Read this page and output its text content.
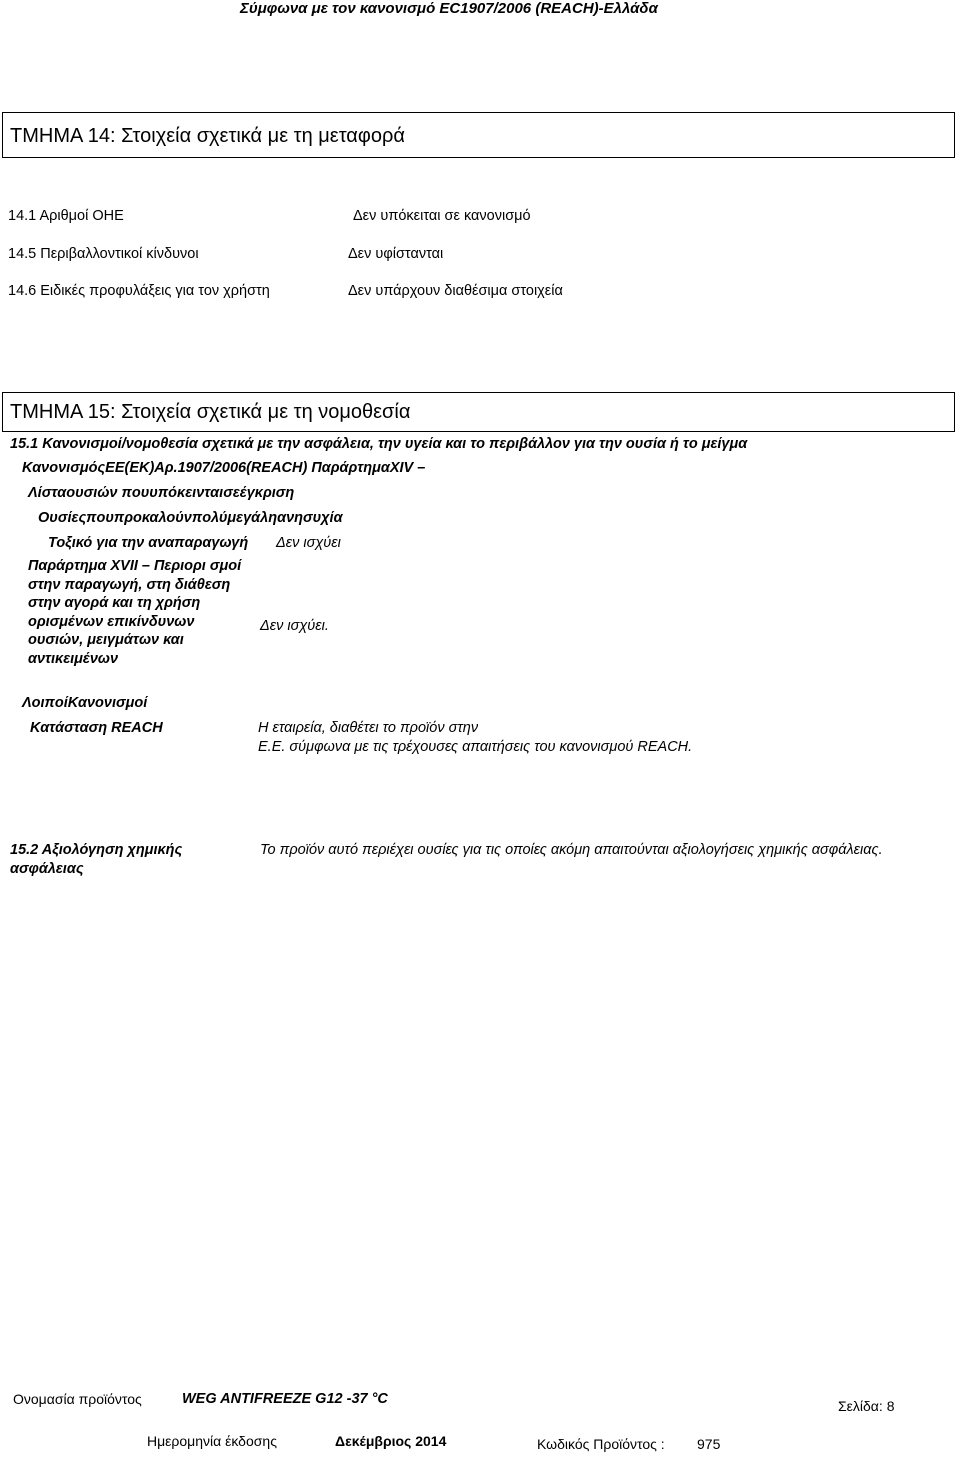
Σύμφωνα με τον κανονισμό EC1907/2006 (REACH)-Ελλάδα
ΤΜΗΜΑ 14: Στοιχεία σχετικά με τη μεταφορά
14.1 Αριθμοί ΟΗΕ	Δεν υπόκειται σε κανονισμό
14.5 Περιβαλλοντικοί κίνδυνοι	Δεν υφίστανται
14.6 Ειδικές προφυλάξεις για τον χρήστη	Δεν υπάρχουν διαθέσιμα στοιχεία
ΤΜΗΜΑ 15: Στοιχεία σχετικά με τη νομοθεσία
15.1 Κανονισμοί/νομοθεσία σχετικά με την ασφάλεια, την υγεία και το περιβάλλον για την ουσία ή το μείγμα
ΚανονισμόςΕΕ(ΕΚ)Αρ.1907/2006(REACH) ΠαράρτημαXIV –
Λίσταουσιών πουυπόκεινταισεέγκριση
Ουσίεςπουπροκαλούνπολύμεγάληανησυχία
Τοξικό για την αναπαραγωγή Δεν ισχύει
Παράρτημα XVII – Περιορι σμοί στην παραγωγή, στη διάθεση στην αγορά και τη χρήση ορισμένων επικίνδυνων ουσιών, μειγμάτων και αντικειμένων
Δεν ισχύει.
ΛοιποίΚανονισμοί
Κατάσταση REACH	Η εταιρεία, διαθέτει το προϊόν στην
Ε.Ε. σύμφωνα με τις τρέχουσες απαιτήσεις του κανονισμού REACH.
15.2 Αξιολόγηση χημικής ασφάλειας
Το προϊόν αυτό περιέχει ουσίες για τις οποίες ακόμη απαιτούνται αξιολογήσεις χημικής ασφάλειας.
Ονομασία προϊόντος	WEG ANTIFREEZE G12 -37 °C	Σελίδα: 8
Ημερομηνία έκδοσης	Δεκέμβριος 2014	Κωδικός Προϊόντος : 975
